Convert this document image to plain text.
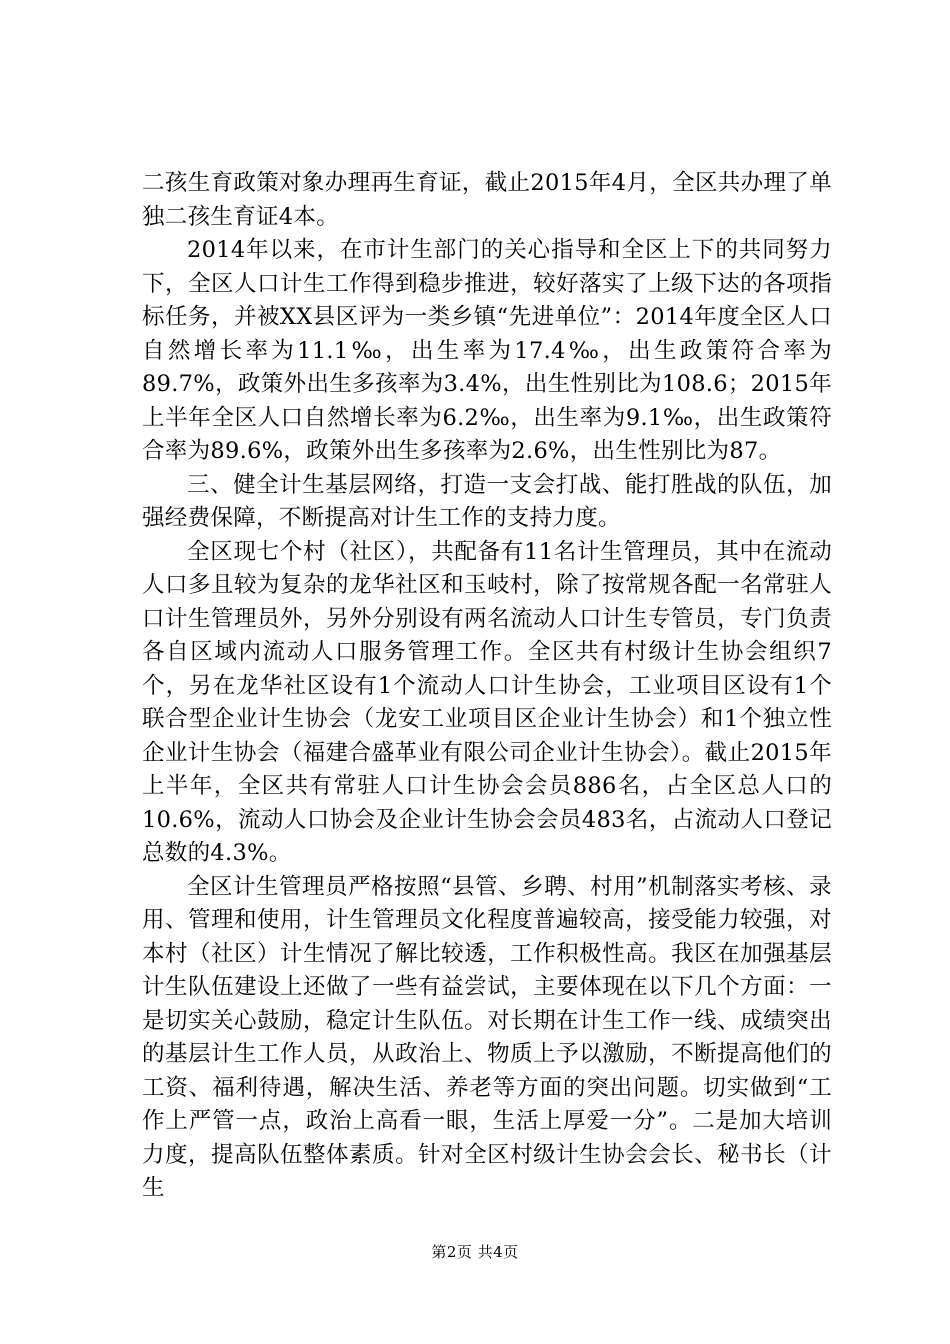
二孩生育政策对象办理再生育证，截止2015年4月，全区共办理了单独二孩生育证4本。

2014年以来，在市计生部门的关心指导和全区上下的共同努力下，全区人口计生工作得到稳步推进，较好落实了上级下达的各项指标任务，并被XX县区评为一类乡镇“先进单位”：2014年度全区人口自然增长率为11.1‰，出生率为17.4‰，出生政策符合率为89.7%，政策外出生多孩率为3.4%，出生性别比为108.6；2015年上半年全区人口自然增长率为6.2‰，出生率为9.1‰，出生政策符合率为89.6%，政策外出生多孩率为2.6%，出生性别比为87。

三、健全计生基层网络，打造一支会打战、能打胜战的队伍，加强经费保障，不断提高对计生工作的支持力度。

全区现七个村（社区），共配备有11名计生管理员，其中在流动人口多且较为复杂的龙华社区和玉岐村，除了按常规各配一名常驻人口计生管理员外，另外分别设有两名流动人口计生专管员，专门负责各自区域内流动人口服务管理工作。全区共有村级计生协会组织7个，另在龙华社区设有1个流动人口计生协会，工业项目区设有1个联合型企业计生协会（龙安工业项目区企业计生协会）和1个独立性企业计生协会（福建合盛革业有限公司企业计生协会）。截止2015年上半年，全区共有常驻人口计生协会会员886名，占全区总人口的10.6%，流动人口协会及企业计生协会会员483名，占流动人口登记总数的4.3%。

全区计生管理员严格按照“县管、乡聘、村用”机制落实考核、录用、管理和使用，计生管理员文化程度普遍较高，接受能力较强，对本村（社区）计生情况了解比较透，工作积极性高。我区在加强基层计生队伍建设上还做了一些有益尝试，主要体现在以下几个方面：一是切实关心鼓励，稳定计生队伍。对长期在计生工作一线、成绩突出的基层计生工作人员，从政治上、物质上予以激励，不断提高他们的工资、福利待遇，解决生活、养老等方面的突出问题。切实做到“工作上严管一点，政治上高看一眼，生活上厚爱一分”。二是加大培训力度，提高队伍整体素质。针对全区村级计生协会会长、秘书长（计生

第2页 共4页
